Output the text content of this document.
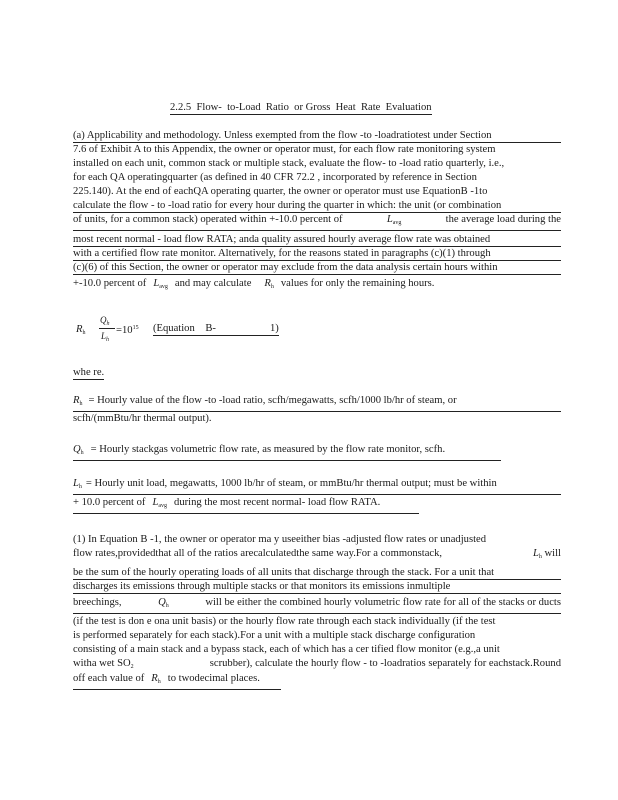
2.2.5  Flow-  to-Load  Ratio  or Gross  Heat  Rate  Evaluation
(a) Applicability and methodology. Unless exempted from the flow -to -loadratiotest under Section
7.6 of Exhibit A to this Appendix, the owner or operator must, for each flow rate monitoring system
installed on each unit, common stack or multiple stack, evaluate the flow- to -load ratio quarterly, i.e.,
for each QA operatingquarter (as defined in 40 CFR 72.2 , incorporated by reference in Section
225.140). At the end of eachQA operating quarter, the owner or operator must use EquationB -1to
calculate the flow - to -load ratio for every hour during the quarter in which: the unit (or combination
of units, for a common stack) operated within +-10.0 percent of	$L_{avg}$	the average load during the
most recent normal - load flow RATA; anda quality assured hourly average flow rate was obtained
with a certified flow rate monitor. Alternatively, for the reasons stated in paragraphs (c)(1) through
(c)(6) of this Section, the owner or operator may exclude from the data analysis certain hours within
+-10.0 percent of $L_{avg}$ and may calculate $R_h$ values for only the remaining hours.
$R_h$
$Q_h$
$L_h$
$=10^{15}$ (Equation    B-	1)
whe re.
$R_h$ = Hourly value of the flow -to -load ratio, scfh/megawatts, scfh/1000 lb/hr of steam, or
scfh/(mmBtu/hr thermal output).
$Q_h$ = Hourly stackgas volumetric flow rate, as measured by the flow rate monitor, scfh.
$L_h$ = Hourly unit load, megawatts, 1000 lb/hr of steam, or mmBtu/hr thermal output; must be within
+ 10.0 percent of $L_{avg}$ during the most recent normal- load flow RATA.
(1) In Equation B -1, the owner or operator ma y useeither bias -adjusted flow rates or unadjusted
flow rates,providedthat all of the ratios arecalculatedthe same way.For a commonstack,	$L_h$ will
be the sum of the hourly operating loads of all units that discharge through the stack. For a unit that
discharges its emissions through multiple stacks or that monitors its emissions inmultiple
breechings,	$Q_h$	will be either the combined hourly volumetric flow rate for all of the stacks or ducts
(if the test is don e ona unit basis) or the hourly flow rate through each stack individually (if the test
is performed separately for each stack).For a unit with a multiple stack discharge configuration
consisting of a main stack and a bypass stack, each of which has a cer tified flow monitor (e.g.,a unit
witha wet $SO_2$	scrubber), calculate the hourly flow - to -loadratios separately for eachstack.Round
off each value of $R_h$ to twodecimal places.
